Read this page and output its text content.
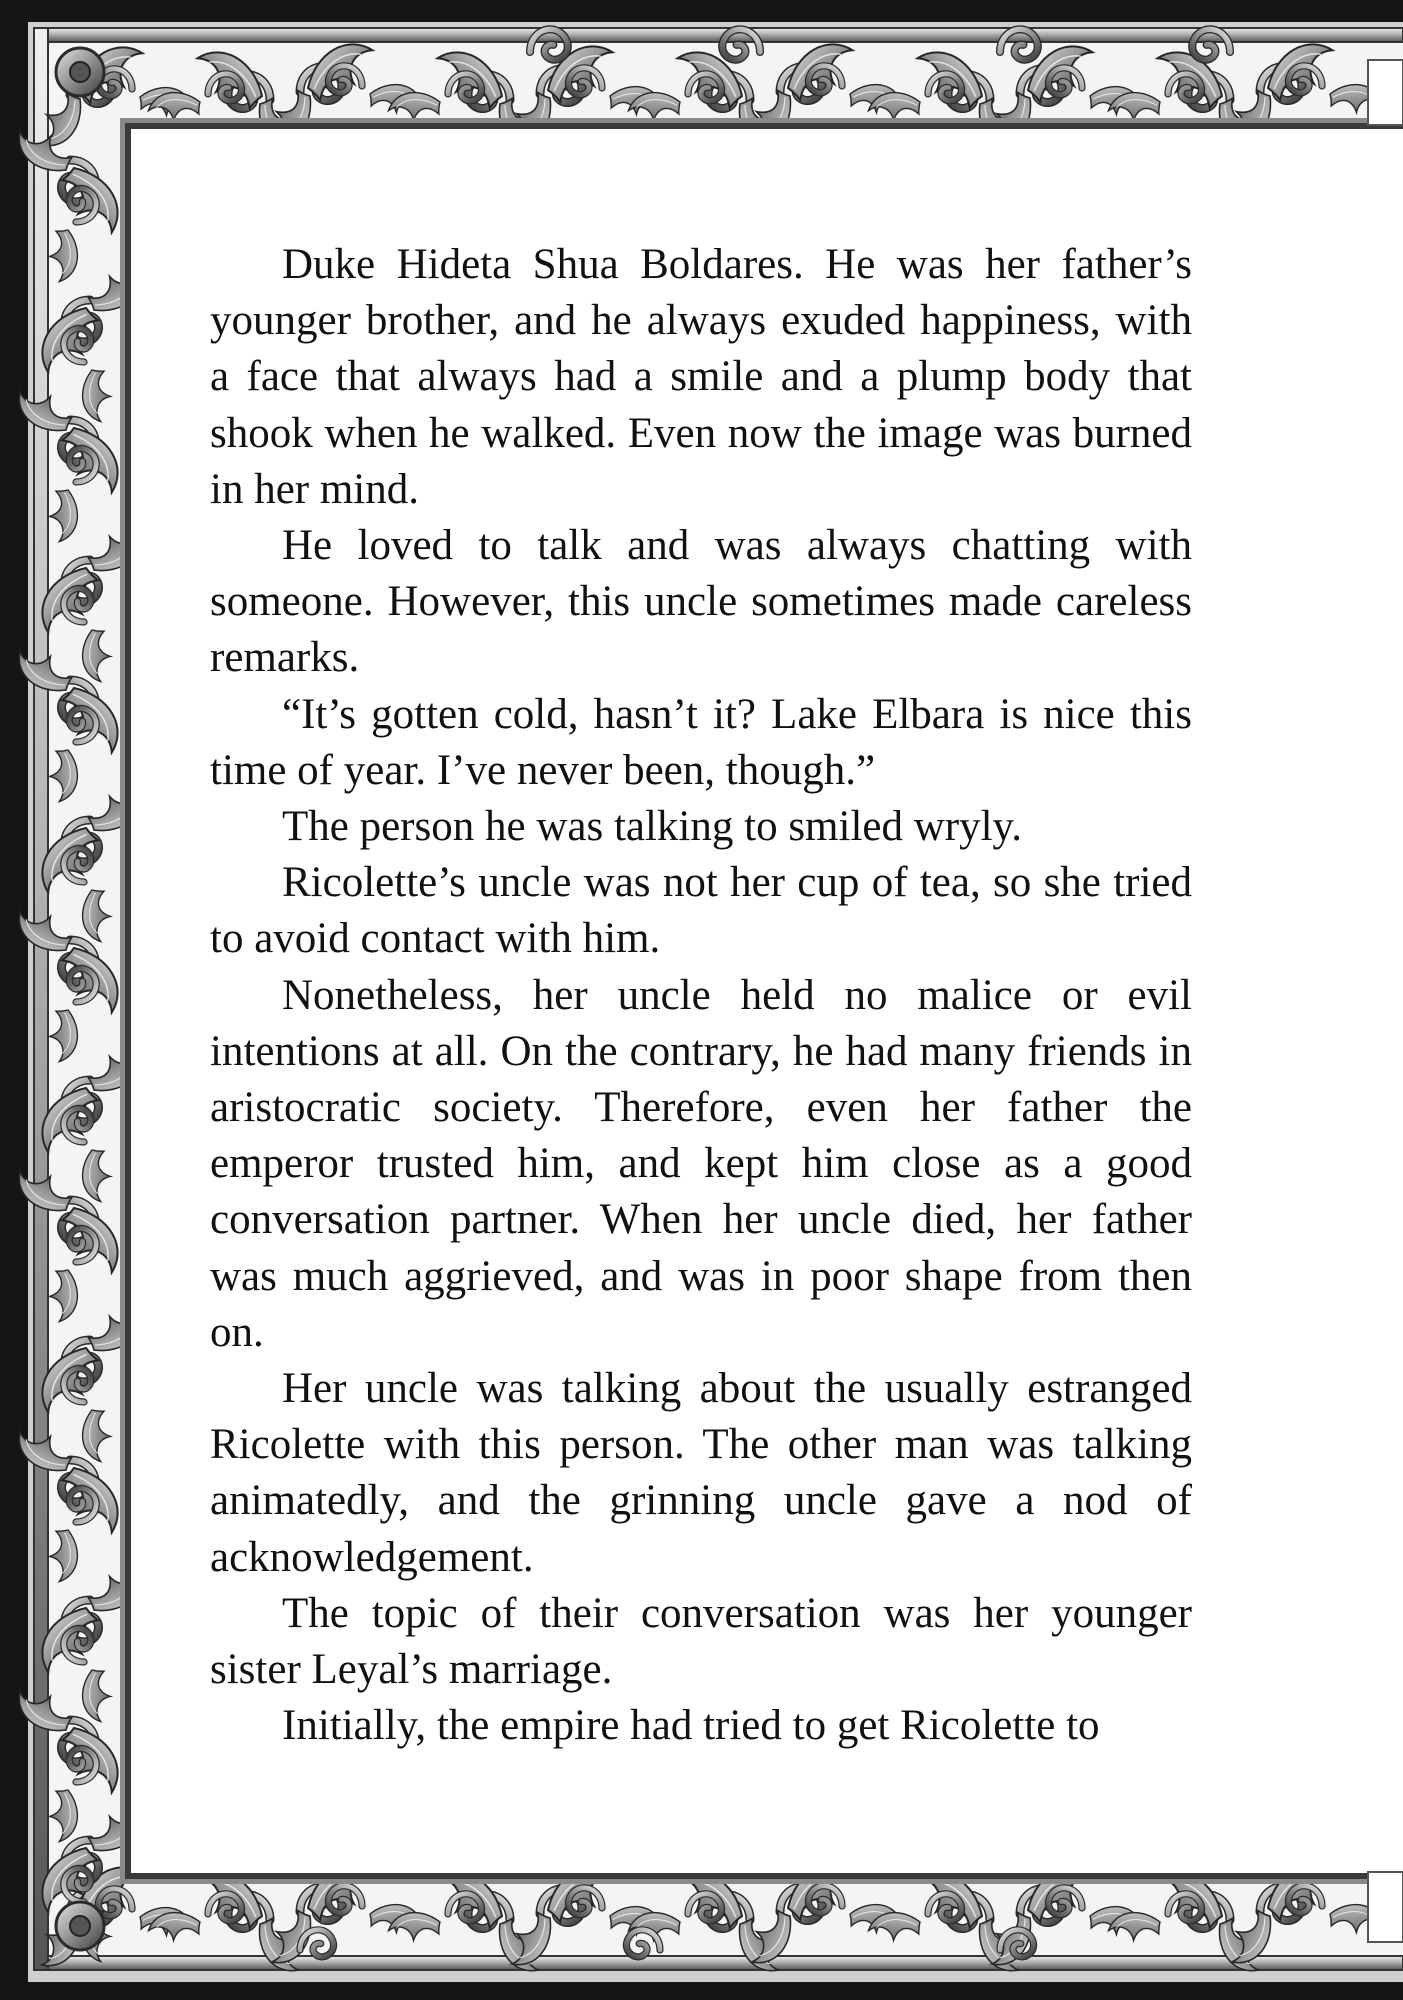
Duke Hideta Shua Boldares. He was her father’s younger brother, and he always exuded happiness, with a face that always had a smile and a plump body that shook when he walked. Even now the image was burned in her mind.

He loved to talk and was always chatting with someone. However, this uncle sometimes made careless remarks.

“It’s gotten cold, hasn’t it? Lake Elbara is nice this time of year. I’ve never been, though.”

The person he was talking to smiled wryly.

Ricolette’s uncle was not her cup of tea, so she tried to avoid contact with him.

Nonetheless, her uncle held no malice or evil intentions at all. On the contrary, he had many friends in aristocratic society. Therefore, even her father the emperor trusted him, and kept him close as a good conversation partner. When her uncle died, her father was much aggrieved, and was in poor shape from then on.

Her uncle was talking about the usually estranged Ricolette with this person. The other man was talking animatedly, and the grinning uncle gave a nod of acknowledgement.

The topic of their conversation was her younger sister Leyal’s marriage.

Initially, the empire had tried to get Ricolette to
